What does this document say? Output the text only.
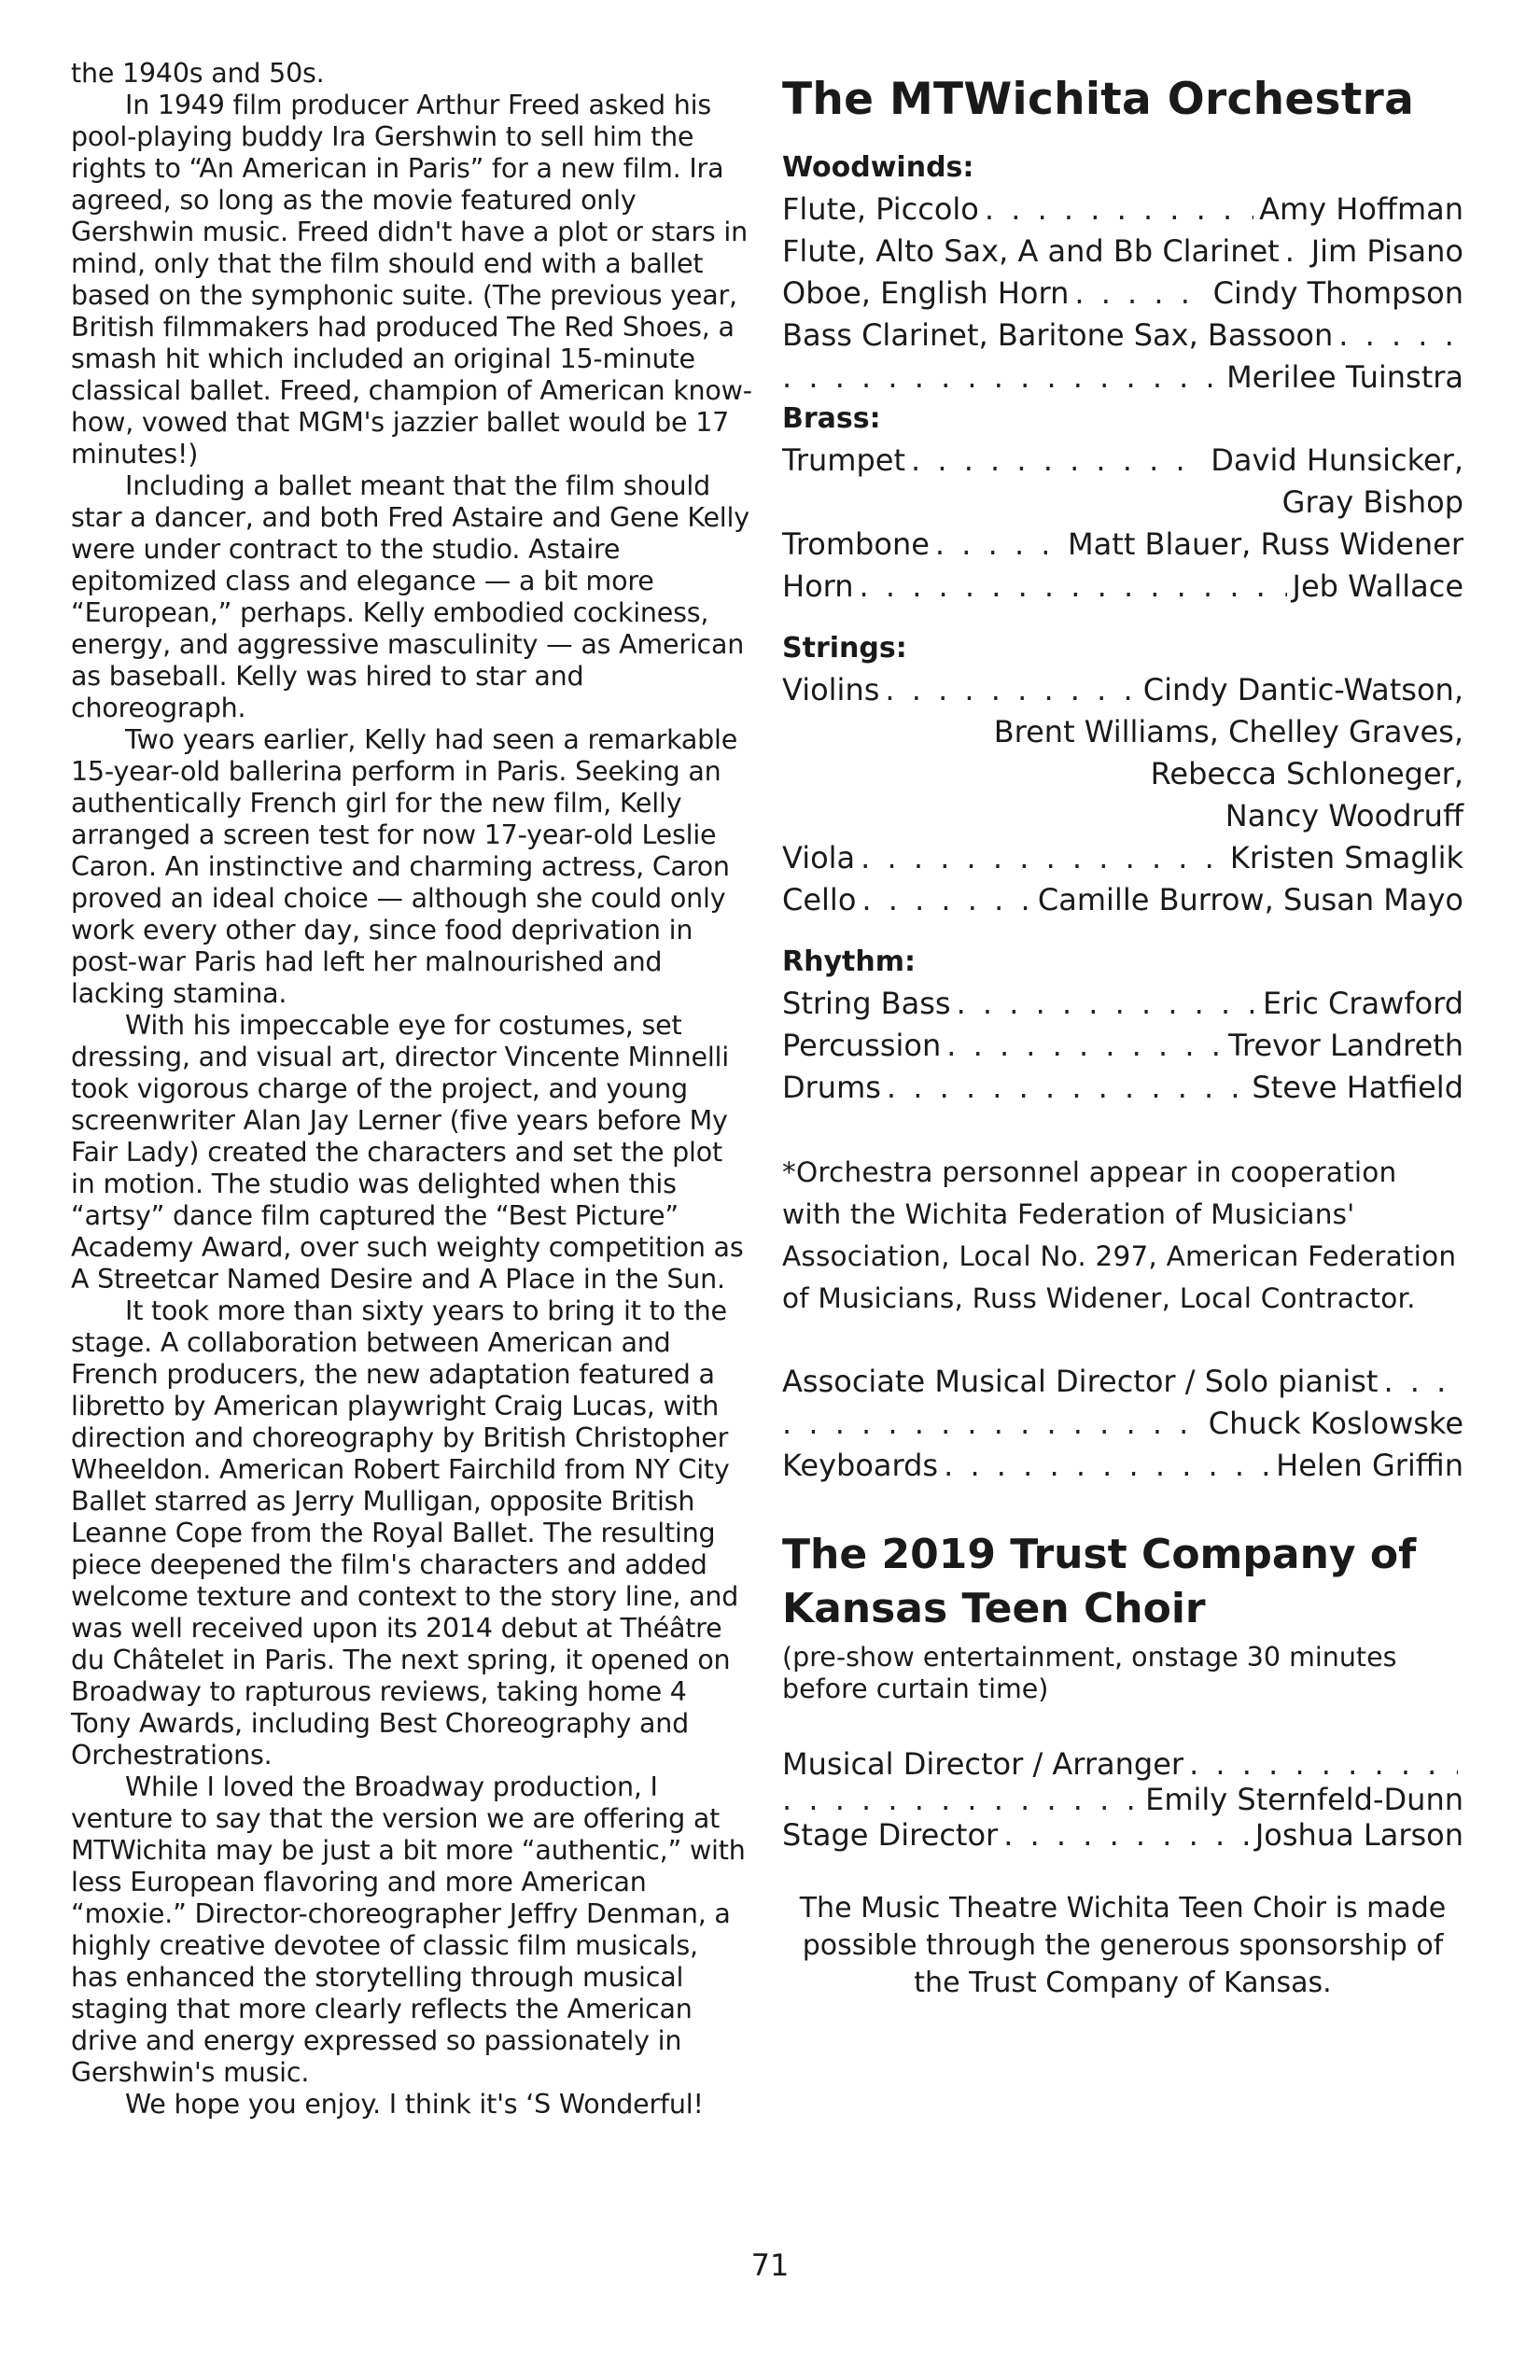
the 1940s and 50s.

In 1949 film producer Arthur Freed asked his pool-playing buddy Ira Gershwin to sell him the rights to “An American in Paris” for a new film. Ira agreed, so long as the movie featured only Gershwin music. Freed didn't have a plot or stars in mind, only that the film should end with a ballet based on the symphonic suite. (The previous year, British filmmakers had produced The Red Shoes, a smash hit which included an original 15-minute classical ballet. Freed, champion of American know-how, vowed that MGM's jazzier ballet would be 17 minutes!)

Including a ballet meant that the film should star a dancer, and both Fred Astaire and Gene Kelly were under contract to the studio. Astaire epitomized class and elegance — a bit more “European,” perhaps. Kelly embodied cockiness, energy, and aggressive masculinity — as American as baseball. Kelly was hired to star and choreograph.

Two years earlier, Kelly had seen a remarkable 15-year-old ballerina perform in Paris. Seeking an authentically French girl for the new film, Kelly arranged a screen test for now 17-year-old Leslie Caron. An instinctive and charming actress, Caron proved an ideal choice — although she could only work every other day, since food deprivation in post-war Paris had left her malnourished and lacking stamina.

With his impeccable eye for costumes, set dressing, and visual art, director Vincente Minnelli took vigorous charge of the project, and young screenwriter Alan Jay Lerner (five years before My Fair Lady) created the characters and set the plot in motion. The studio was delighted when this “artsy” dance film captured the “Best Picture” Academy Award, over such weighty competition as A Streetcar Named Desire and A Place in the Sun.

It took more than sixty years to bring it to the stage. A collaboration between American and French producers, the new adaptation featured a libretto by American playwright Craig Lucas, with direction and choreography by British Christopher Wheeldon. American Robert Fairchild from NY City Ballet starred as Jerry Mulligan, opposite British Leanne Cope from the Royal Ballet. The resulting piece deepened the film's characters and added welcome texture and context to the story line, and was well received upon its 2014 debut at Théâtre du Châtelet in Paris. The next spring, it opened on Broadway to rapturous reviews, taking home 4 Tony Awards, including Best Choreography and Orchestrations.

While I loved the Broadway production, I venture to say that the version we are offering at MTWichita may be just a bit more “authentic,” with less European flavoring and more American “moxie.” Director-choreographer Jeffry Denman, a highly creative devotee of classic film musicals, has enhanced the storytelling through musical staging that more clearly reflects the American drive and energy expressed so passionately in Gershwin's music.

We hope you enjoy. I think it's ‘S Wonderful!

The MTWichita Orchestra
Woodwinds:
Flute, Piccolo . . .	Amy Hoffman
Flute, Alto Sax, A and Bb Clarinet . . . Jim Pisano
Oboe, English Horn . . .	Cindy Thompson
Bass Clarinet, Baritone Sax, Bassoon
. . .
. . .
Merilee Tuinstra
Brass:
Trumpet . . .	David Hunsicker,
Gray Bishop
Trombone . . .	Matt Blauer, Russ Widener
Horn . . .	Jeb Wallace
Strings:
Violins . . .	Cindy Dantic-Watson,
Brent Williams, Chelley Graves,
Rebecca Schloneger,
Nancy Woodruff
Viola . . .	Kristen Smaglik
Cello . . .	Camille Burrow, Susan Mayo
Rhythm:
String Bass . . .	Eric Crawford
Percussion . . .	Trevor Landreth
Drums . . .	Steve Hatfield
*Orchestra personnel appear in cooperation with the Wichita Federation of Musicians' Association, Local No. 297, American Federation of Musicians, Russ Widener, Local Contractor.
Associate Musical Director / Solo pianist
. . .
. . .
Chuck Koslowske
Keyboards . . .	Helen Griffin
The 2019 Trust Company of
Kansas Teen Choir
(pre-show entertainment, onstage 30 minutes before curtain time)
Musical Director / Arranger
. . .
. . .
Emily Sternfeld-Dunn
Stage Director . . .	Joshua Larson
The Music Theatre Wichita Teen Choir is made possible through the generous sponsorship of the Trust Company of Kansas.
71
